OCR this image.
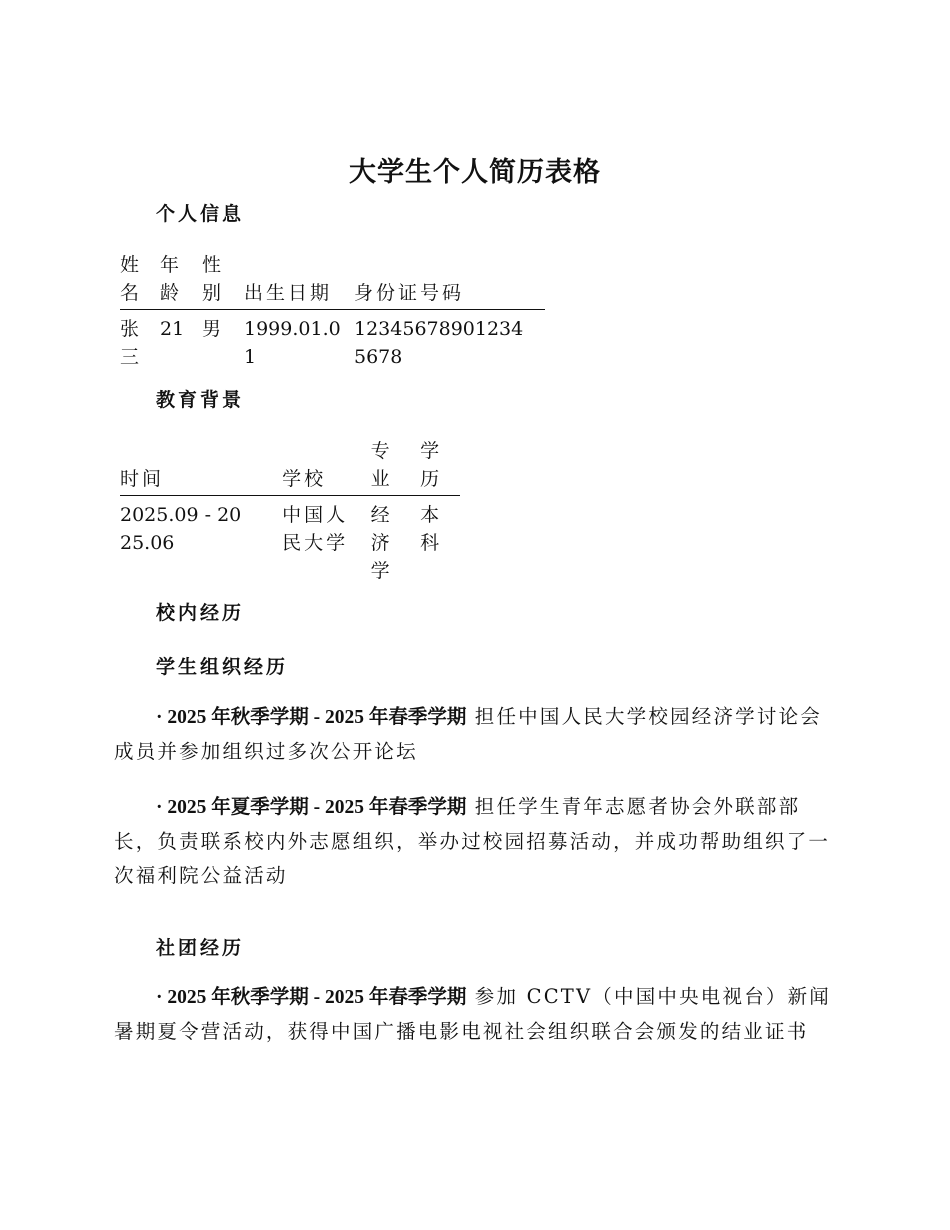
大学生个人简历表格
个人信息
姓名	年龄	性别	出生日期	身份证号码
张三	21	男	1999.01.01	123456789012345678
教育背景
时间	学校	专业	学历
2025.09 - 2025.06	中国人民大学	经济学	本科
校内经历
学生组织经历

· 2025 年秋季学期 - 2025 年春季学期 担任中国人民大学校园经济学讨论会成员并参加组织过多次公开论坛

· 2025 年夏季学期 - 2025 年春季学期 担任学生青年志愿者协会外联部部长，负责联系校内外志愿组织，举办过校园招募活动，并成功帮助组织了一次福利院公益活动

社团经历

· 2025 年秋季学期 - 2025 年春季学期 参加 CCTV（中国中央电视台）新闻暑期夏令营活动，获得中国广播电影电视社会组织联合会颁发的结业证书
